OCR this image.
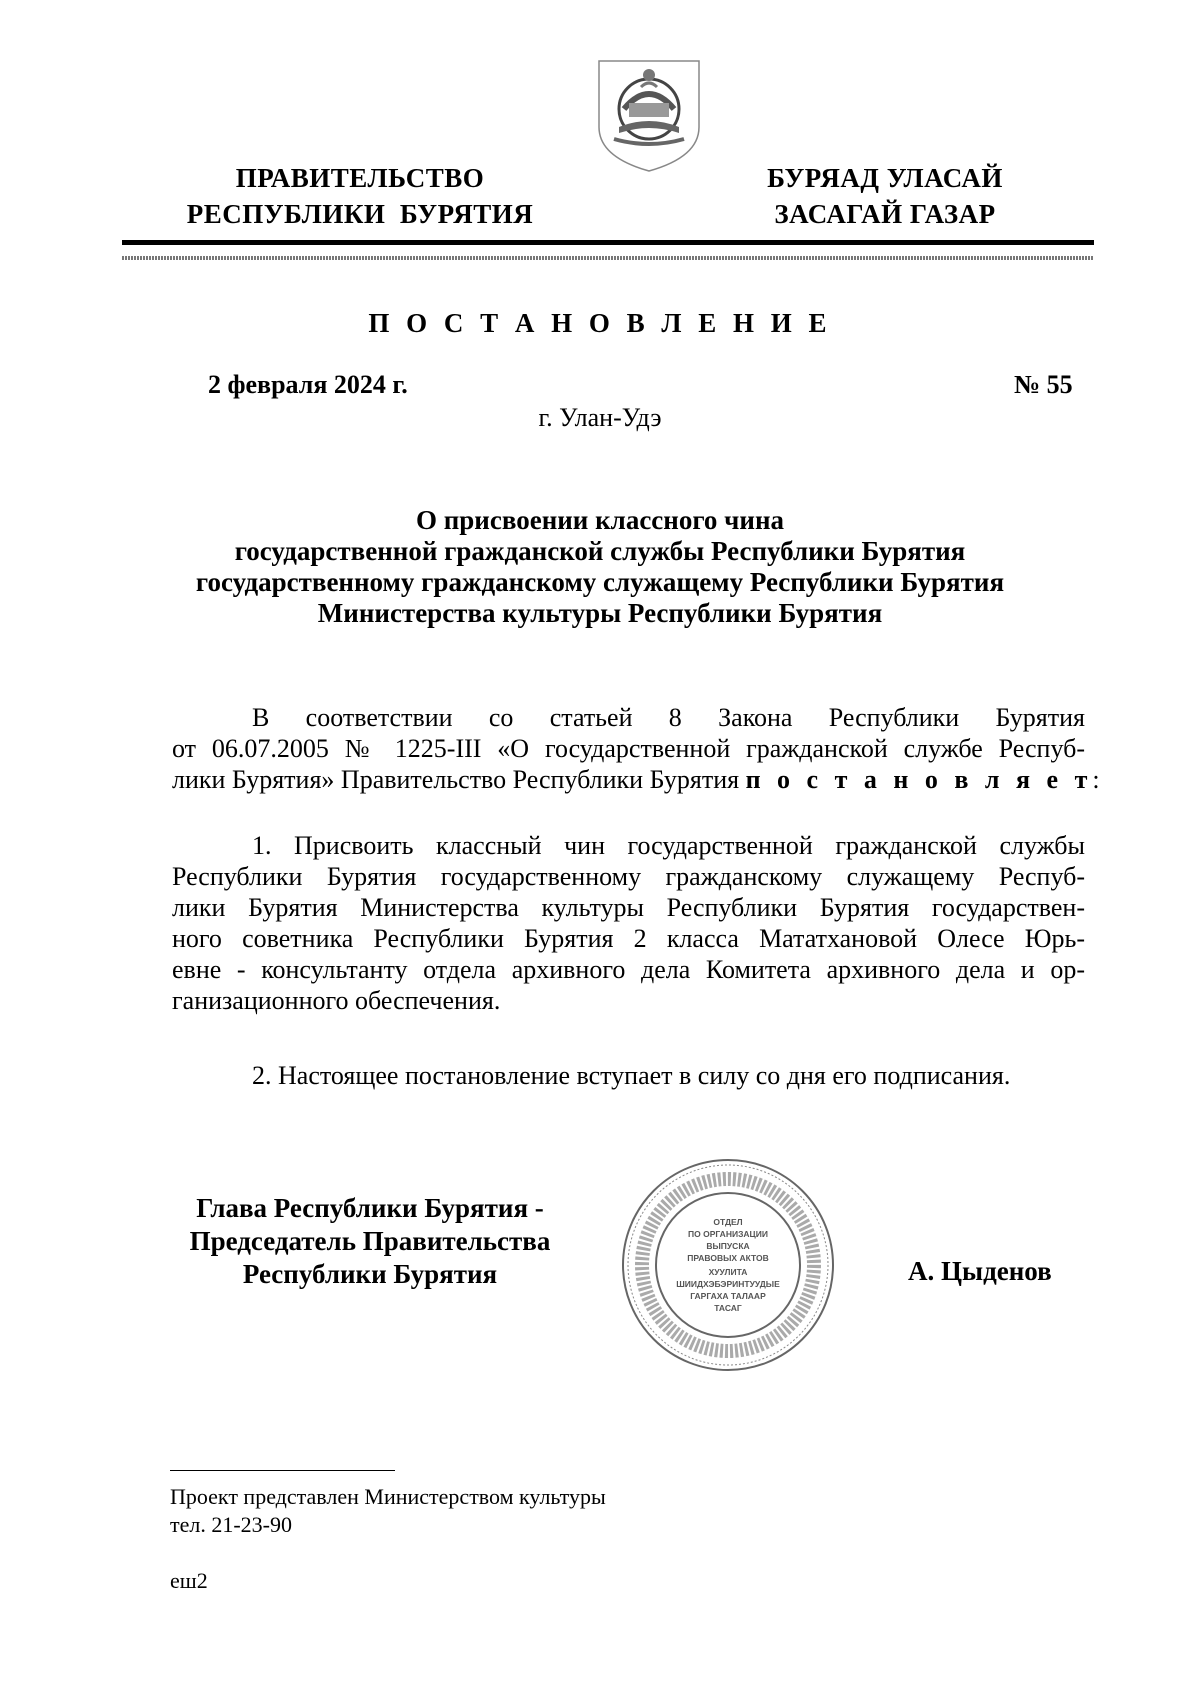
ПРАВИТЕЛЬСТВО
РЕСПУБЛИКИ  БУРЯТИЯ
БУРЯАД УЛАСАЙ
ЗАСАГАЙ ГАЗАР
П О С Т А Н О В Л Е Н И Е
2 февраля 2024 г.	№ 55
г. Улан-Удэ
О присвоении классного чина
государственной гражданской службы Республики Бурятия
государственному гражданскому служащему Республики Бурятия
Министерства культуры Республики Бурятия
В соответствии со статьей 8 Закона Республики Бурятия
от 06.07.2005 № 1225-III «О государственной гражданской службе Респуб-
лики Бурятия» Правительство Республики Бурятия п о с т а н о в л я е т:
1. Присвоить классный чин государственной гражданской службы
Республики Бурятия государственному гражданскому служащему Респуб-
лики Бурятия Министерства культуры Республики Бурятия государствен-
ного советника Республики Бурятия 2 класса Мататхановой Олесе Юрь-
евне - консультанту отдела архивного дела Комитета архивного дела и ор-
ганизационного обеспечения.
2. Настоящее постановление вступает в силу со дня его подписания.
Глава Республики Бурятия -
Председатель Правительства
Республики Бурятия
ОТДЕЛ
ПО ОРГАНИЗАЦИИ
ВЫПУСКА
ПРАВОВЫХ АКТОВ
ХУУЛИТА
ШИИДХЭБЭРИНТУУДЫЕ
ГАРГАХА ТАЛААР
ТАСАГ
А. Цыденов
Проект представлен Министерством культуры
тел. 21-23-90
еш2
